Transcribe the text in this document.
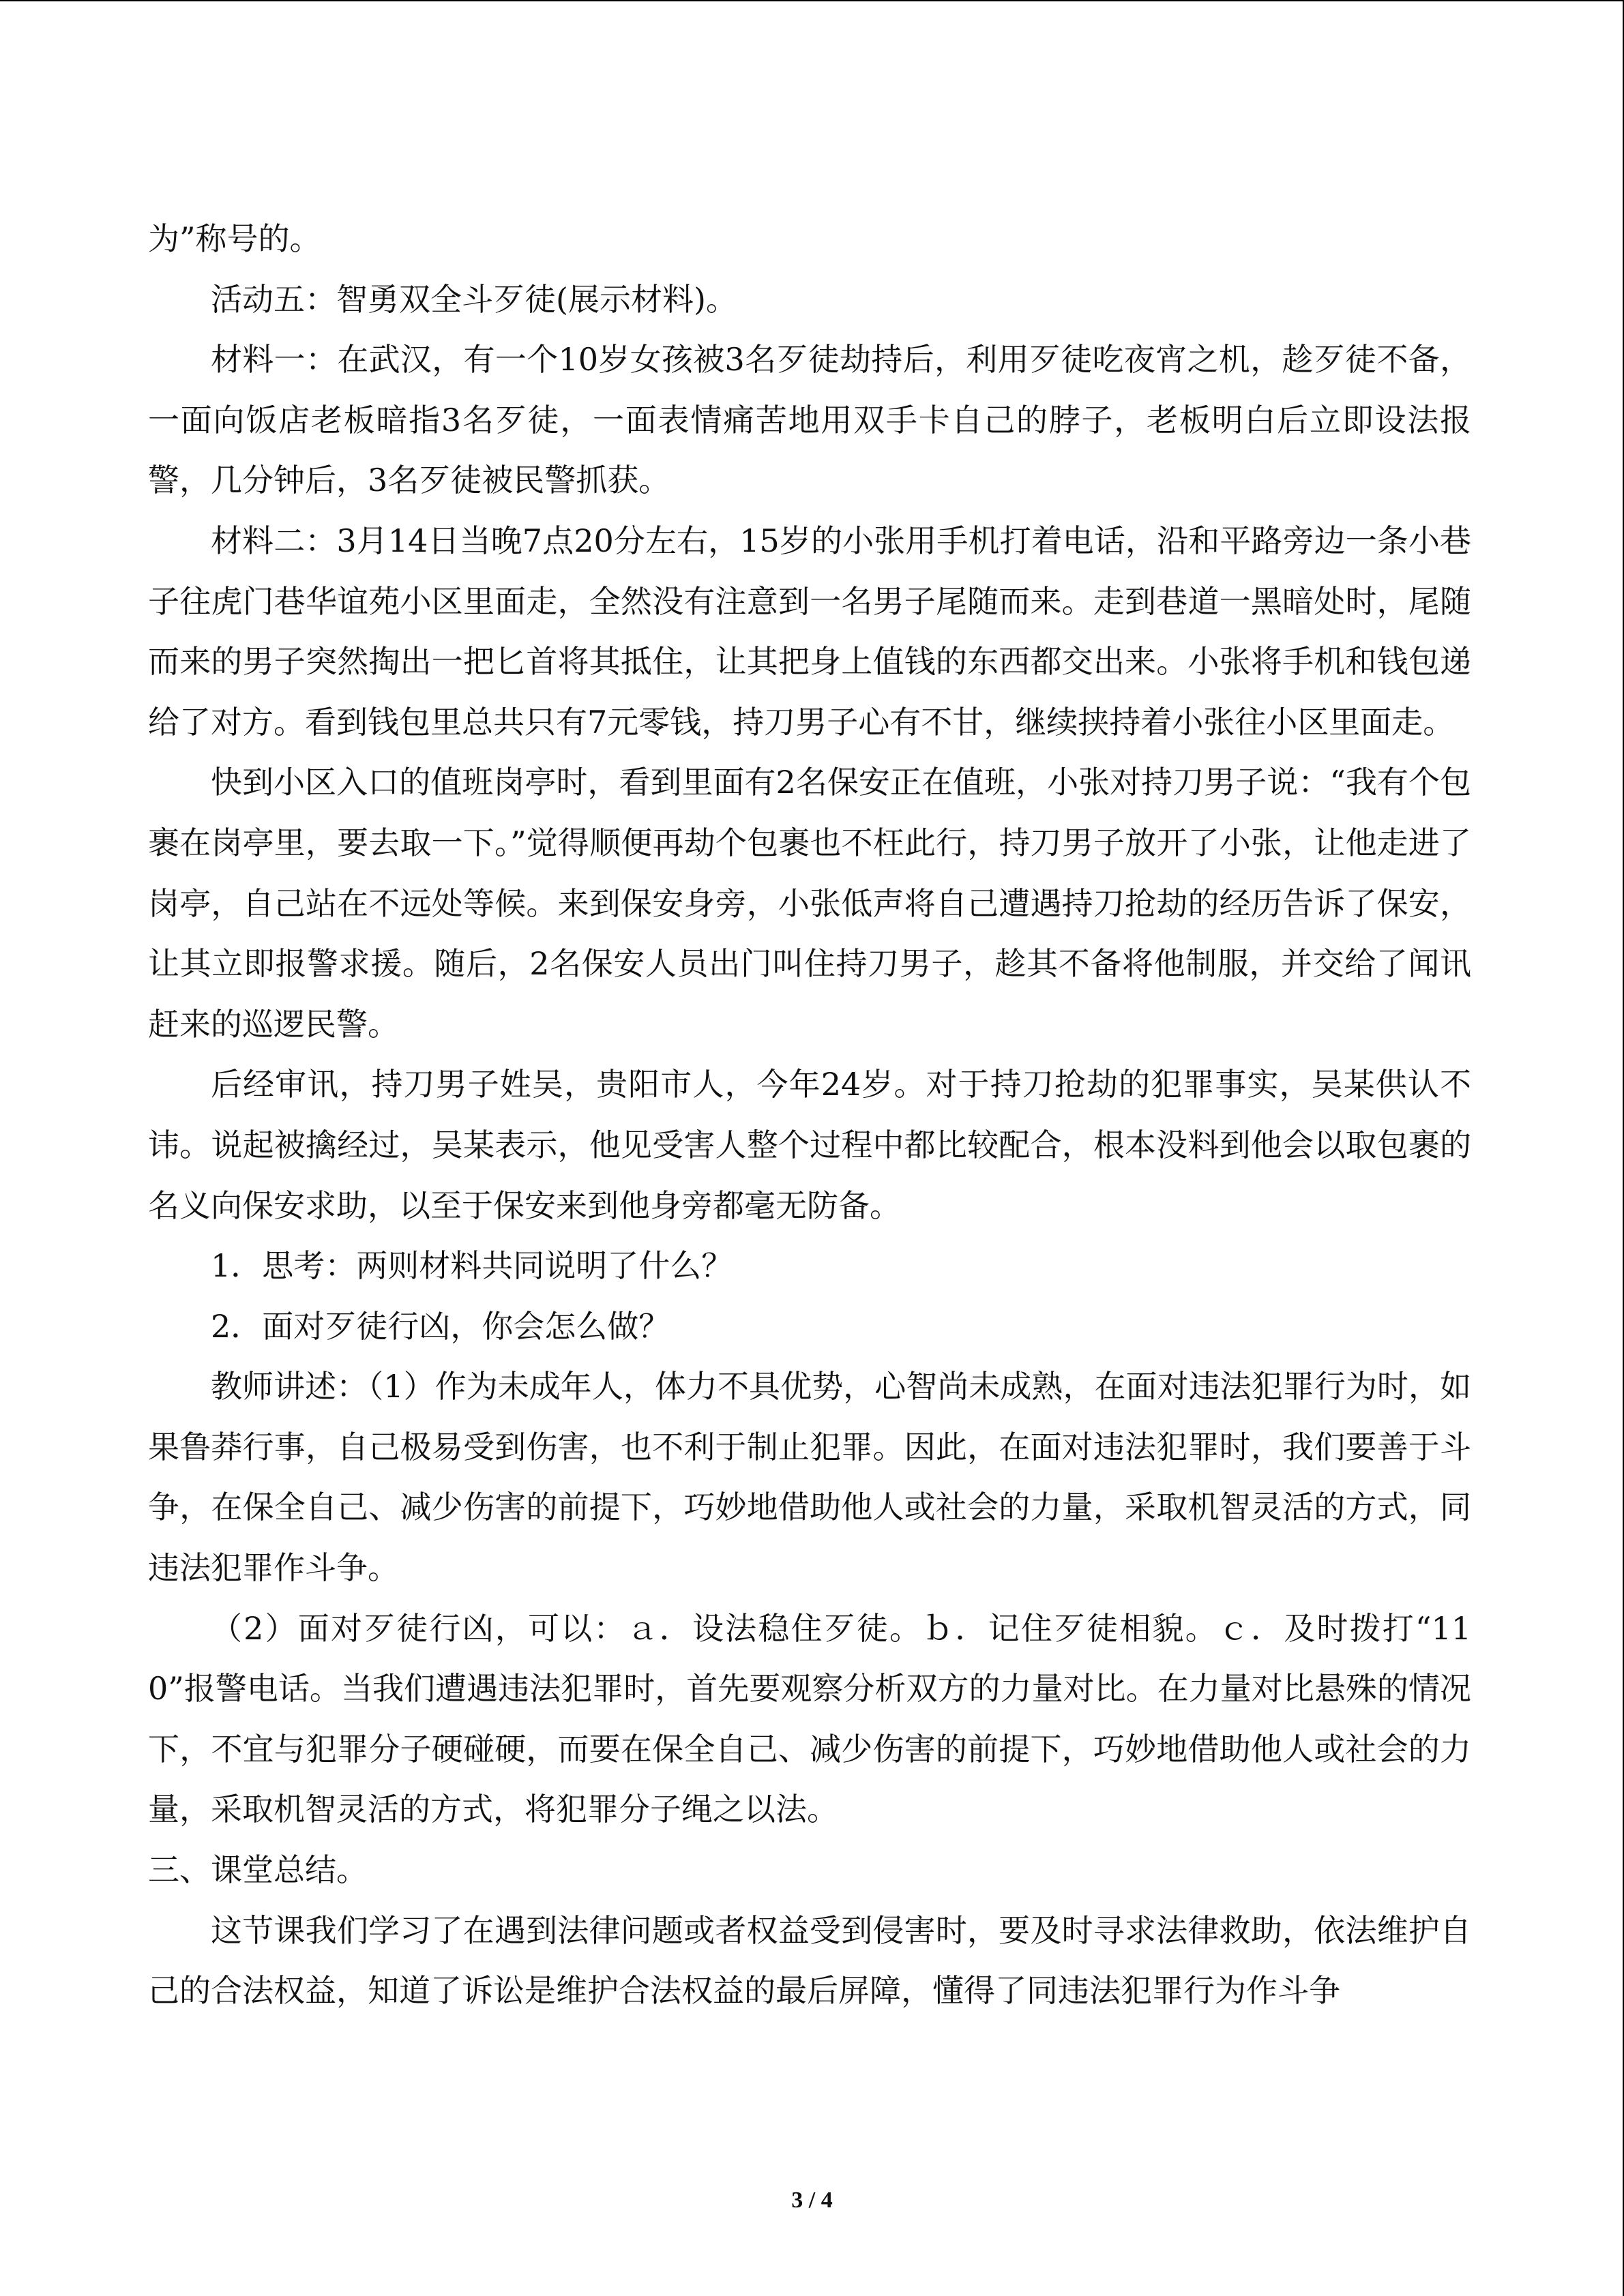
为”称号的。

活动五：智勇双全斗歹徒(展示材料)。

材料一：在武汉，有一个10岁女孩被3名歹徒劫持后，利用歹徒吃夜宵之机，趁歹徒不备，一面向饭店老板暗指3名歹徒，一面表情痛苦地用双手卡自己的脖子，老板明白后立即设法报警，几分钟后，3名歹徒被民警抓获。

材料二：3月14日当晚7点20分左右，15岁的小张用手机打着电话，沿和平路旁边一条小巷子往虎门巷华谊苑小区里面走，全然没有注意到一名男子尾随而来。走到巷道一黑暗处时，尾随而来的男子突然掏出一把匕首将其抵住，让其把身上值钱的东西都交出来。小张将手机和钱包递给了对方。看到钱包里总共只有7元零钱，持刀男子心有不甘，继续挟持着小张往小区里面走。

快到小区入口的值班岗亭时，看到里面有2名保安正在值班，小张对持刀男子说：“我有个包裹在岗亭里，要去取一下。”觉得顺便再劫个包裹也不枉此行，持刀男子放开了小张，让他走进了岗亭，自己站在不远处等候。来到保安身旁，小张低声将自己遭遇持刀抢劫的经历告诉了保安，让其立即报警求援。随后，2名保安人员出门叫住持刀男子，趁其不备将他制服，并交给了闻讯赶来的巡逻民警。

后经审讯，持刀男子姓吴，贵阳市人，今年24岁。对于持刀抢劫的犯罪事实，吴某供认不讳。说起被擒经过，吴某表示，他见受害人整个过程中都比较配合，根本没料到他会以取包裹的名义向保安求助，以至于保安来到他身旁都毫无防备。

1．思考：两则材料共同说明了什么？

2．面对歹徒行凶，你会怎么做？

教师讲述：（1）作为未成年人，体力不具优势，心智尚未成熟，在面对违法犯罪行为时，如果鲁莽行事，自己极易受到伤害，也不利于制止犯罪。因此，在面对违法犯罪时，我们要善于斗争，在保全自己、减少伤害的前提下，巧妙地借助他人或社会的力量，采取机智灵活的方式，同违法犯罪作斗争。

（2）面对歹徒行凶，可以：ａ．设法稳住歹徒。ｂ．记住歹徒相貌。ｃ．及时拨打“110”报警电话。当我们遭遇违法犯罪时，首先要观察分析双方的力量对比。在力量对比悬殊的情况下，不宜与犯罪分子硬碰硬，而要在保全自己、减少伤害的前提下，巧妙地借助他人或社会的力量，采取机智灵活的方式，将犯罪分子绳之以法。

三、课堂总结。

这节课我们学习了在遇到法律问题或者权益受到侵害时，要及时寻求法律救助，依法维护自己的合法权益，知道了诉讼是维护合法权益的最后屏障，懂得了同违法犯罪行为作斗争

3 / 4
